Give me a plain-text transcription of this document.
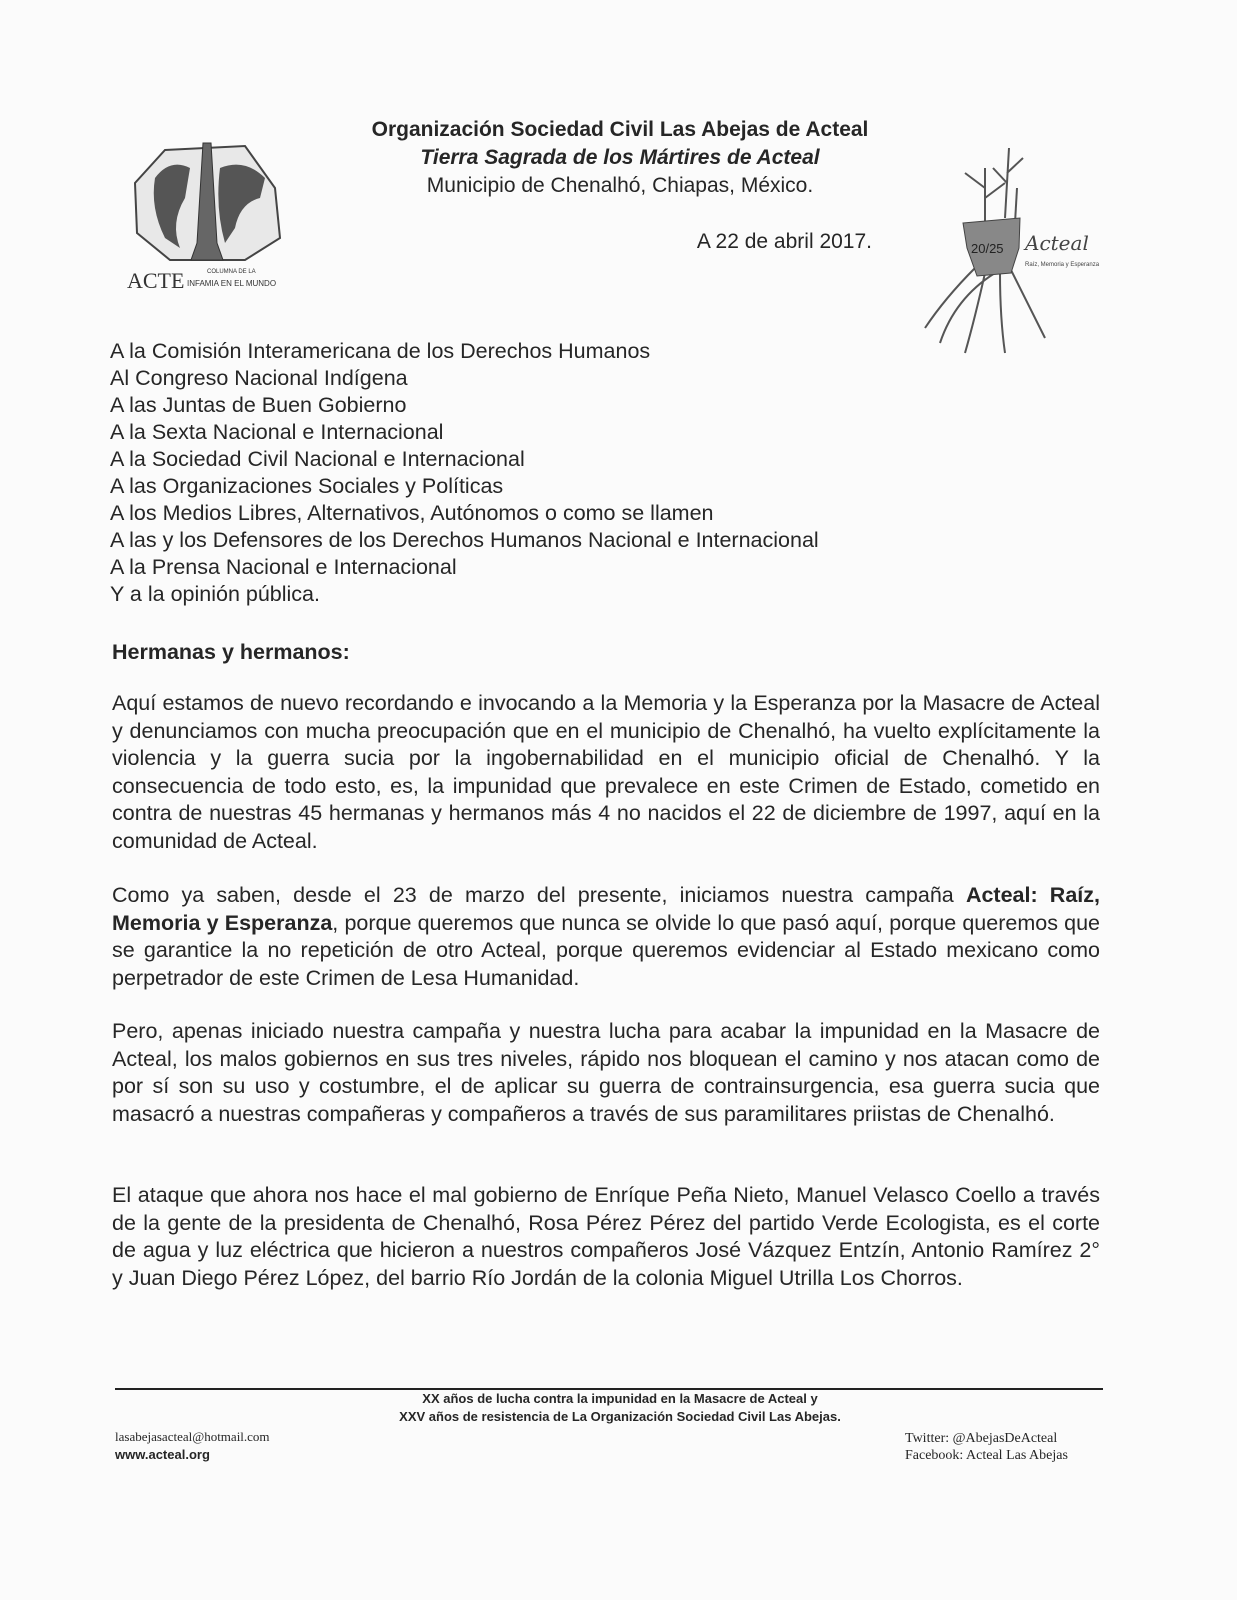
ACTE	COLUMNA DE LA
INFAMIA EN EL MUNDO
20/25 Acteal
Raíz, Memoria y Esperanza
Organización Sociedad Civil Las Abejas de Acteal
Tierra Sagrada de los Mártires de Acteal
Municipio de Chenalhó, Chiapas, México.
A 22 de abril 2017.
A la Comisión Interamericana de los Derechos Humanos
Al Congreso Nacional Indígena
A las Juntas de Buen Gobierno
A la Sexta Nacional e Internacional
A la Sociedad Civil Nacional e Internacional
A las Organizaciones Sociales y Políticas
A los Medios Libres, Alternativos, Autónomos o como se llamen
A las y los Defensores de los Derechos Humanos Nacional e Internacional
A la Prensa Nacional e Internacional
Y a la opinión pública.
Hermanas y hermanos:
Aquí estamos de nuevo recordando e invocando a la Memoria y la Esperanza por la Masacre de Acteal y denunciamos con mucha preocupación que en el municipio de Chenalhó, ha vuelto explícitamente la violencia y la guerra sucia por la ingobernabilidad en el municipio oficial de Chenalhó. Y la consecuencia de todo esto, es, la impunidad que prevalece en este Crimen de Estado, cometido en contra de nuestras 45 hermanas y hermanos más 4 no nacidos el 22 de diciembre de 1997, aquí en la comunidad de Acteal.
Como ya saben, desde el 23 de marzo del presente, iniciamos nuestra campaña Acteal: Raíz, Memoria y Esperanza, porque queremos que nunca se olvide lo que pasó aquí, porque queremos que se garantice la no repetición de otro Acteal, porque queremos evidenciar al Estado mexicano como perpetrador de este Crimen de Lesa Humanidad.
Pero, apenas iniciado nuestra campaña y nuestra lucha para acabar la impunidad en la Masacre de Acteal, los malos gobiernos en sus tres niveles, rápido nos bloquean el camino y nos atacan como de por sí son su uso y costumbre, el de aplicar su guerra de contrainsurgencia, esa guerra sucia que masacró a nuestras compañeras y compañeros a través de sus paramilitares priistas de Chenalhó.
El ataque que ahora nos hace el mal gobierno de Enríque Peña Nieto, Manuel Velasco Coello a través de la gente de la presidenta de Chenalhó, Rosa Pérez Pérez del partido Verde Ecologista, es el corte de agua y luz eléctrica que hicieron a nuestros compañeros José Vázquez Entzín, Antonio Ramírez 2° y Juan Diego Pérez López, del barrio Río Jordán de la colonia Miguel Utrilla Los Chorros.
XX años de lucha contra la impunidad en la Masacre de Acteal y
XXV años de resistencia de La Organización Sociedad Civil Las Abejas.
lasabejasacteal@hotmail.com
www.acteal.org
Twitter: @AbejasDeActeal
Facebook: Acteal Las Abejas
